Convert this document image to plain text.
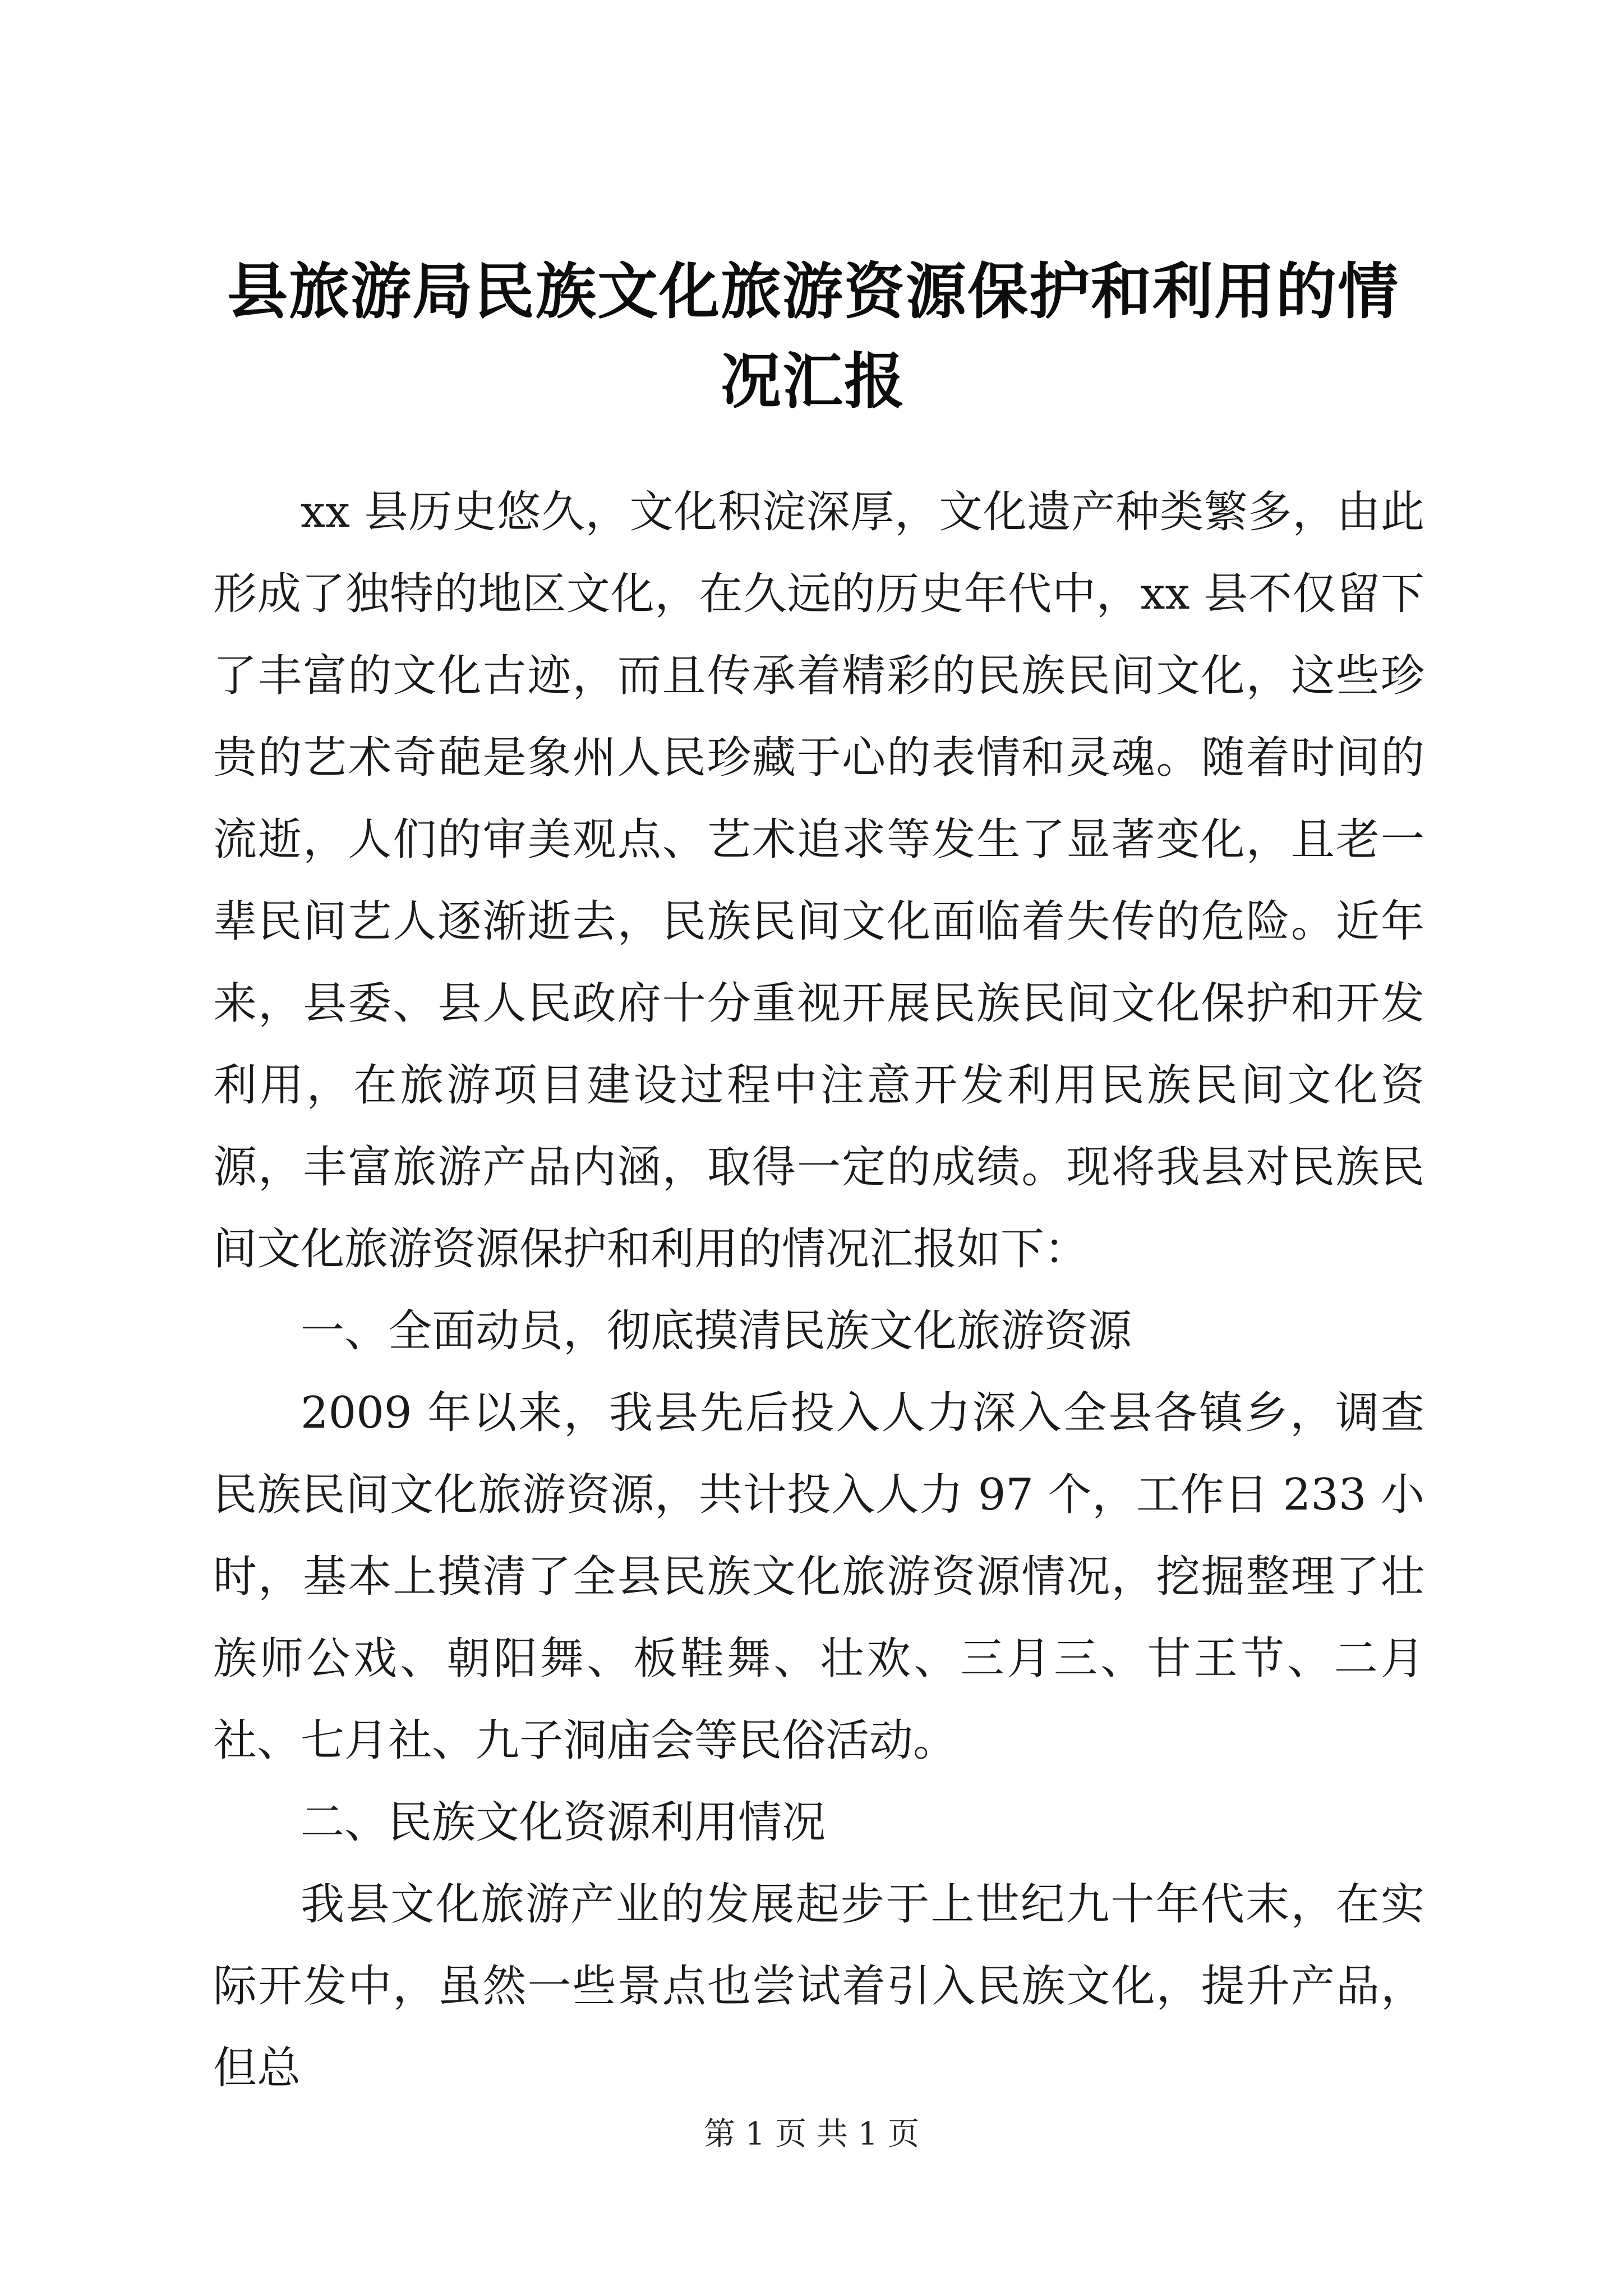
县旅游局民族文化旅游资源保护和利用的情况汇报

xx 县历史悠久，文化积淀深厚，文化遗产种类繁多，由此形成了独特的地区文化，在久远的历史年代中，xx 县不仅留下了丰富的文化古迹，而且传承着精彩的民族民间文化，这些珍贵的艺术奇葩是象州人民珍藏于心的表情和灵魂。随着时间的流逝，人们的审美观点、艺术追求等发生了显著变化，且老一辈民间艺人逐渐逝去，民族民间文化面临着失传的危险。近年来，县委、县人民政府十分重视开展民族民间文化保护和开发利用，在旅游项目建设过程中注意开发利用民族民间文化资源，丰富旅游产品内涵，取得一定的成绩。现将我县对民族民间文化旅游资源保护和利用的情况汇报如下：

一、全面动员，彻底摸清民族文化旅游资源

2009 年以来，我县先后投入人力深入全县各镇乡，调查民族民间文化旅游资源，共计投入人力 97 个，工作日 233 小时，基本上摸清了全县民族文化旅游资源情况，挖掘整理了壮族师公戏、朝阳舞、板鞋舞、壮欢、三月三、甘王节、二月社、七月社、九子洞庙会等民俗活动。

二、民族文化资源利用情况

我县文化旅游产业的发展起步于上世纪九十年代末，在实际开发中，虽然一些景点也尝试着引入民族文化，提升产品，但总

第 1 页 共 1 页
